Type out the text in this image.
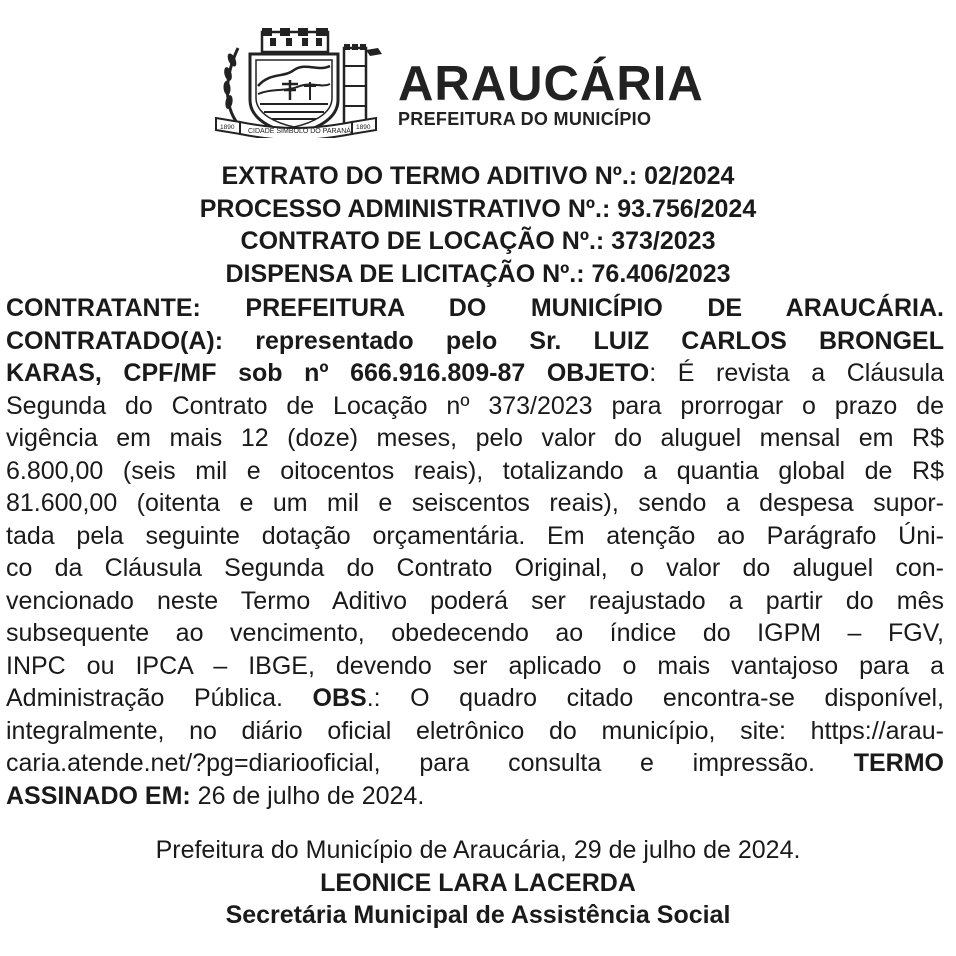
1890
CIDADE SÍMBOLO DO PARANÁ
1890
ARAUCÁRIA
PREFEITURA DO MUNICÍPIO
EXTRATO DO TERMO ADITIVO Nº.: 02/2024
PROCESSO ADMINISTRATIVO Nº.: 93.756/2024
CONTRATO DE LOCAÇÃO Nº.: 373/2023
DISPENSA DE LICITAÇÃO Nº.: 76.406/2023
CONTRATANTE: PREFEITURA DO MUNICÍPIO DE ARAUCÁRIA.
CONTRATADO(A): representado pelo Sr. LUIZ CARLOS BRONGEL
KARAS, CPF/MF sob nº 666.916.809-87 OBJETO: É revista a Cláusula
Segunda do Contrato de Locação nº 373/2023 para prorrogar o prazo de
vigência em mais 12 (doze) meses, pelo valor do aluguel mensal em R$
6.800,00 (seis mil e oitocentos reais), totalizando a quantia global de R$
81.600,00 (oitenta e um mil e seiscentos reais), sendo a despesa supor-
tada pela seguinte dotação orçamentária. Em atenção ao Parágrafo Úni-
co da Cláusula Segunda do Contrato Original, o valor do aluguel con-
vencionado neste Termo Aditivo poderá ser reajustado a partir do mês
subsequente ao vencimento, obedecendo ao índice do IGPM – FGV,
INPC ou IPCA – IBGE, devendo ser aplicado o mais vantajoso para a
Administração Pública. OBS.: O quadro citado encontra-se disponível,
integralmente, no diário oficial eletrônico do município, site: https://arau-
caria.atende.net/?pg=diariooficial, para consulta e impressão. TERMO
ASSINADO EM: 26 de julho de 2024.
Prefeitura do Município de Araucária, 29 de julho de 2024.
LEONICE LARA LACERDA
Secretária Municipal de Assistência Social
